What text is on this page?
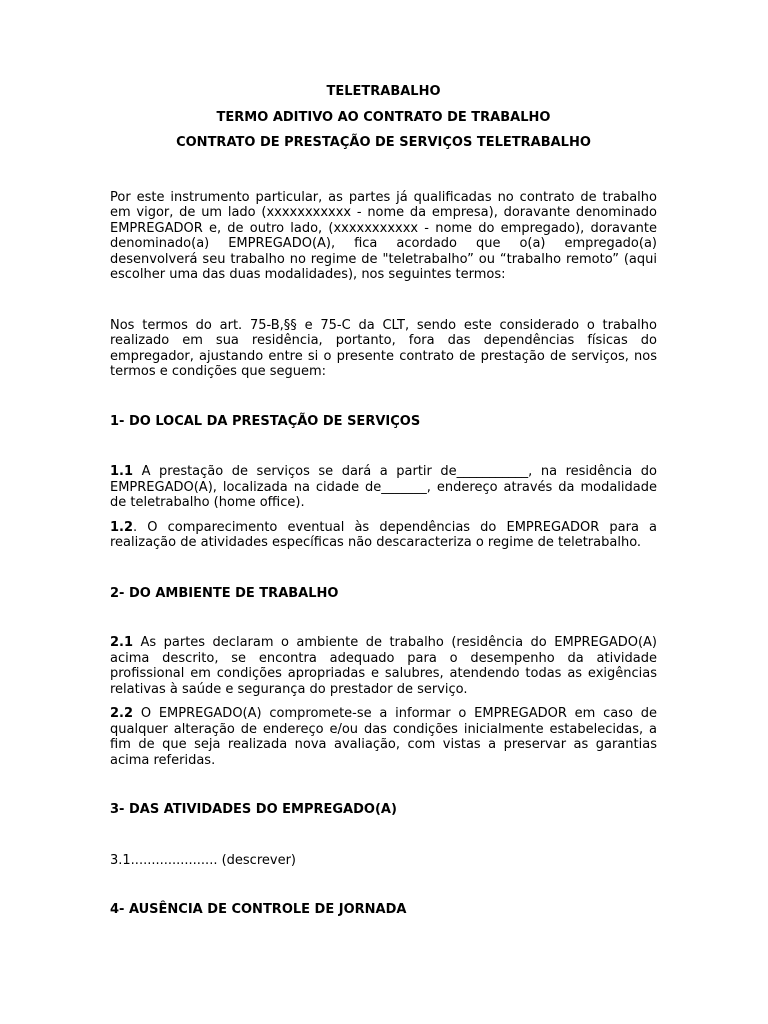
TELETRABALHO

TERMO ADITIVO AO CONTRATO DE TRABALHO

CONTRATO DE PRESTAÇÃO DE SERVIÇOS TELETRABALHO

Por este instrumento particular, as partes já qualificadas no contrato de trabalho em vigor, de um lado (xxxxxxxxxxx - nome da empresa), doravante denominado EMPREGADOR e, de outro lado, (xxxxxxxxxxx - nome do empregado), doravante denominado(a) EMPREGADO(A), fica acordado que o(a) empregado(a) desenvolverá seu trabalho no regime de "teletrabalho” ou “trabalho remoto” (aqui escolher uma das duas modalidades), nos seguintes termos:

Nos termos do art. 75-B,§§ e 75-C da CLT, sendo este considerado o trabalho realizado em sua residência, portanto, fora das dependências físicas do empregador, ajustando entre si o presente contrato de prestação de serviços, nos termos e condições que seguem:

1- DO LOCAL DA PRESTAÇÃO DE SERVIÇOS

1.1 A prestação de serviços se dará a partir de___________, na residência do EMPREGADO(A), localizada na cidade de_______, endereço através da modalidade de teletrabalho (home office).

1.2. O comparecimento eventual às dependências do EMPREGADOR para a realização de atividades específicas não descaracteriza o regime de teletrabalho.

2- DO AMBIENTE DE TRABALHO

2.1 As partes declaram o ambiente de trabalho (residência do EMPREGADO(A) acima descrito, se encontra adequado para o desempenho da atividade profissional em condições apropriadas e salubres, atendendo todas as exigências relativas à saúde e segurança do prestador de serviço.

2.2 O EMPREGADO(A) compromete-se a informar o EMPREGADOR em caso de qualquer alteração de endereço e/ou das condições inicialmente estabelecidas, a fim de que seja realizada nova avaliação, com vistas a preservar as garantias acima referidas.

3- DAS ATIVIDADES DO EMPREGADO(A)

3.1..................... (descrever)

4- AUSÊNCIA DE CONTROLE DE JORNADA
